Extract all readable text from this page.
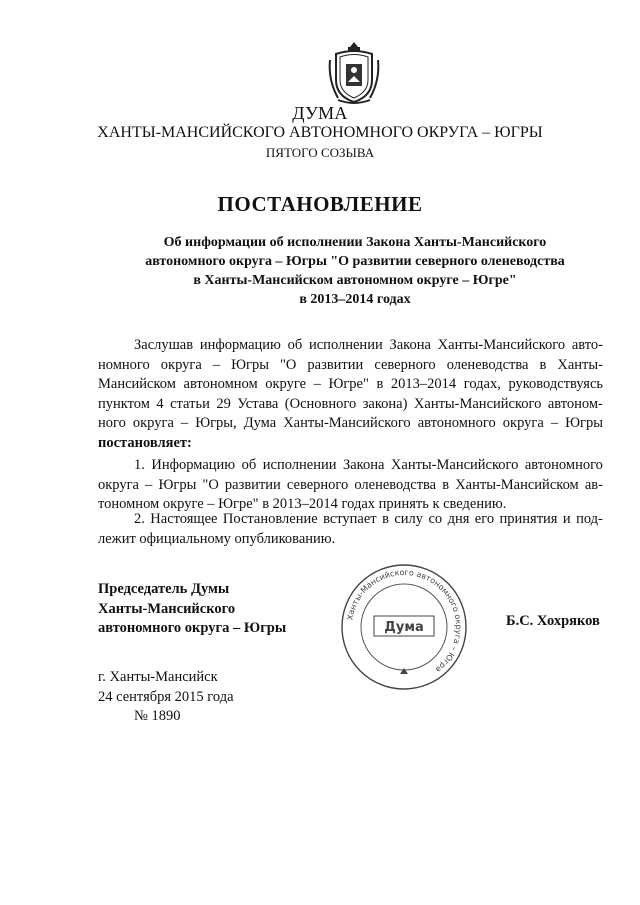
ДУМА
ХАНТЫ-МАНСИЙСКОГО АВТОНОМНОГО ОКРУГА – ЮГРЫ
ПЯТОГО СОЗЫВА
ПОСТАНОВЛЕНИЕ
Об информации об исполнении Закона Ханты-Мансийского
автономного округа – Югры "О развитии северного оленеводства
в Ханты-Мансийском автономном округе – Югре"
в 2013–2014 годах
Заслушав информацию об исполнении Закона Ханты-Мансийского авто-
номного округа – Югры "О развитии северного оленеводства в Ханты-
Мансийском автономном округе – Югре" в 2013–2014 годах, руководствуясь
пунктом 4 статьи 29 Устава (Основного закона) Ханты-Мансийского автоном-
ного округа – Югры, Дума Ханты-Мансийского автономного округа – Югры
постановляет:
1. Информацию об исполнении Закона Ханты-Мансийского автономного
округа – Югры "О развитии северного оленеводства в Ханты-Мансийском ав-
тономном округе – Югре" в 2013–2014 годах принять к сведению.
2. Настоящее Постановление вступает в силу со дня его принятия и под-
лежит официальному опубликованию.
Председатель Думы
Ханты-Мансийского
автономного округа – Югры
Ханты-Мансийского автономного округа – Югра
Дума	Б.С. Хохряков
г. Ханты-Мансийск
24 сентября 2015 года
№ 1890
